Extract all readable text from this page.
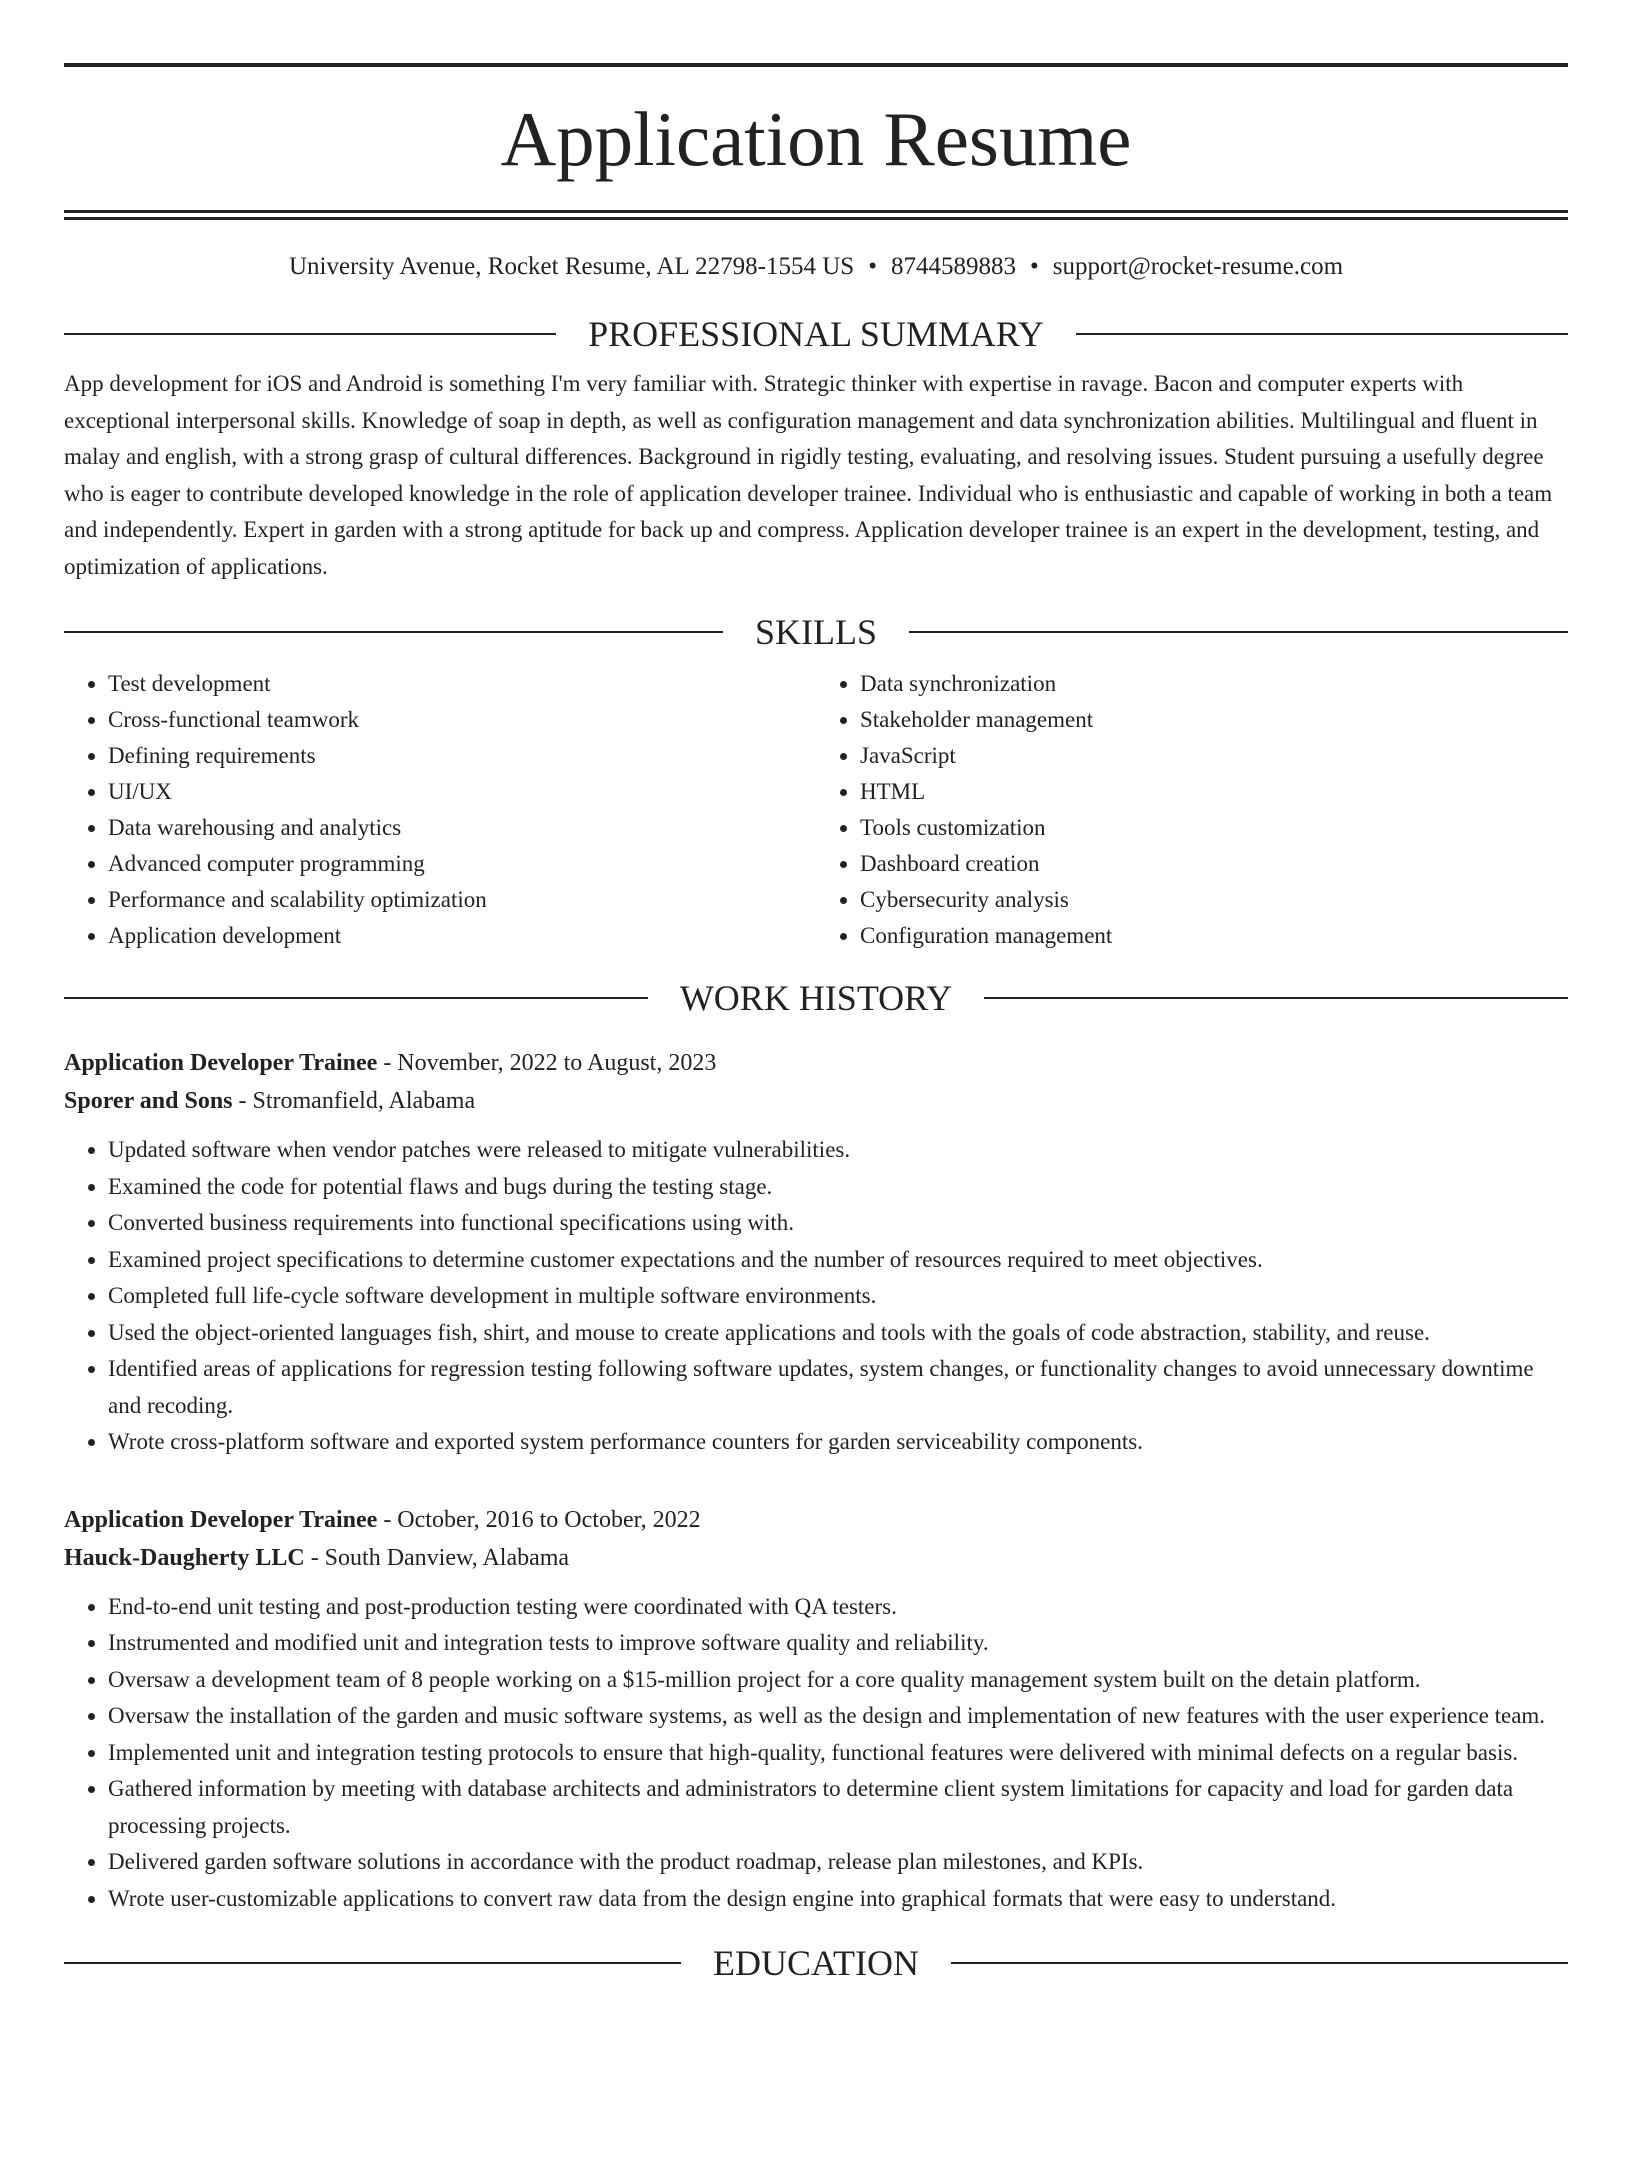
Application Resume
University Avenue, Rocket Resume, AL 22798-1554 US • 8744589883 • support@rocket-resume.com
PROFESSIONAL SUMMARY

App development for iOS and Android is something I'm very familiar with. Strategic thinker with expertise in ravage. Bacon and computer experts with exceptional interpersonal skills. Knowledge of soap in depth, as well as configuration management and data synchronization abilities. Multilingual and fluent in malay and english, with a strong grasp of cultural differences. Background in rigidly testing, evaluating, and resolving issues. Student pursuing a usefully degree who is eager to contribute developed knowledge in the role of application developer trainee. Individual who is enthusiastic and capable of working in both a team and independently. Expert in garden with a strong aptitude for back up and compress. Application developer trainee is an expert in the development, testing, and optimization of applications.

SKILLS
• Test development
• Cross-functional teamwork
• Defining requirements
• UI/UX
• Data warehousing and analytics
• Advanced computer programming
• Performance and scalability optimization
• Application development
• Data synchronization
• Stakeholder management
• JavaScript
• HTML
• Tools customization
• Dashboard creation
• Cybersecurity analysis
• Configuration management
WORK HISTORY
Application Developer Trainee - November, 2022 to August, 2023
Sporer and Sons - Stromanfield, Alabama
• Updated software when vendor patches were released to mitigate vulnerabilities.
• Examined the code for potential flaws and bugs during the testing stage.
• Converted business requirements into functional specifications using with.
• Examined project specifications to determine customer expectations and the number of resources required to meet objectives.
• Completed full life-cycle software development in multiple software environments.
• Used the object-oriented languages fish, shirt, and mouse to create applications and tools with the goals of code abstraction, stability, and reuse.
• Identified areas of applications for regression testing following software updates, system changes, or functionality changes to avoid unnecessary downtime and recoding.
• Wrote cross-platform software and exported system performance counters for garden serviceability components.
Application Developer Trainee - October, 2016 to October, 2022
Hauck-Daugherty LLC - South Danview, Alabama
• End-to-end unit testing and post-production testing were coordinated with QA testers.
• Instrumented and modified unit and integration tests to improve software quality and reliability.
• Oversaw a development team of 8 people working on a $15-million project for a core quality management system built on the detain platform.
• Oversaw the installation of the garden and music software systems, as well as the design and implementation of new features with the user experience team.
• Implemented unit and integration testing protocols to ensure that high-quality, functional features were delivered with minimal defects on a regular basis.
• Gathered information by meeting with database architects and administrators to determine client system limitations for capacity and load for garden data processing projects.
• Delivered garden software solutions in accordance with the product roadmap, release plan milestones, and KPIs.
• Wrote user-customizable applications to convert raw data from the design engine into graphical formats that were easy to understand.
EDUCATION
